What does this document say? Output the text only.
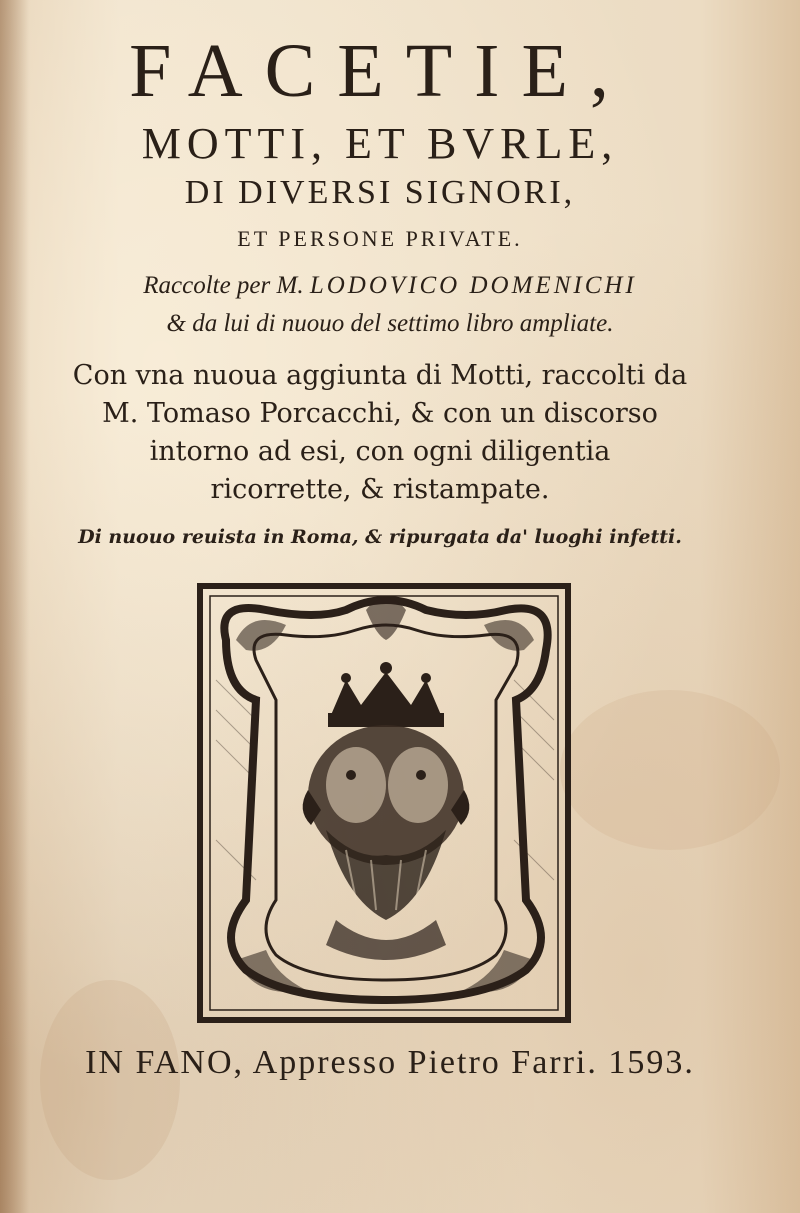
FACETIE,
MOTTI, ET BVRLE,
DI DIVERSI SIGNORI,
ET PERSONE PRIVATE.
Raccolte per M. LODOVICO DOMENICHI
& da lui di nuouo del settimo libro ampliate.
Con vna nuoua aggiunta di Motti, raccolti da
M. Tomaso Porcacchi, & con un discorso
intorno ad esi, con ogni diligentia
ricorrette, & ristampate.
Di nuouo reuista in Roma, & ripurgata da' luoghi infetti.
IN FANO, Appresso Pietro Farri. 1593.
